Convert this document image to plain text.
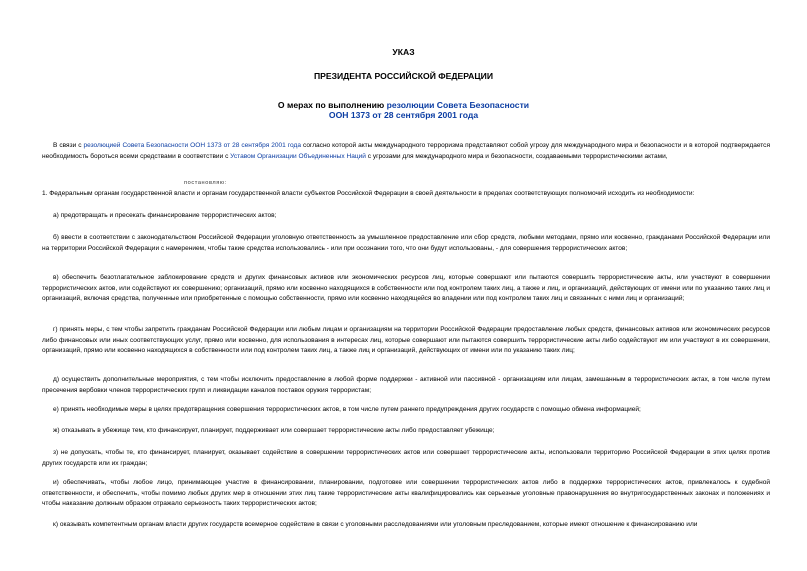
УКАЗ
ПРЕЗИДЕНТА РОССИЙСКОЙ ФЕДЕРАЦИИ
О мерах по выполнению резолюции Совета Безопасности
ООН 1373 от 28 сентября 2001 года
В связи с резолюцией Совета Безопасности ООН 1373 от 28 сентября 2001 года согласно которой акты международного терроризма представляют собой угрозу для международного мира и безопасности и в которой подтверждается необходимость бороться всеми средствами в соответствии с Уставом Организации Объединенных Наций с угрозами для международного мира и безопасности, создаваемыми террористическими актами,
постановляю:
1. Федеральным органам государственной власти и органам государственной власти субъектов Российской Федерации в своей деятельности в пределах соответствующих полномочий исходить из необходимости:
а) предотвращать и пресекать финансирование террористических актов;
б) ввести в соответствии с законодательством Российской Федерации уголовную ответственность за умышленное предоставление или сбор средств, любыми методами, прямо или косвенно, гражданами Российской Федерации или на территории Российской Федерации с намерением, чтобы такие средства использовались - или при осознании того, что они будут использованы, - для совершения террористических актов;
в) обеспечить безотлагательное заблокирование средств и других финансовых активов или экономических ресурсов лиц, которые совершают или пытаются совершить террористические акты, или участвуют в совершении террористических актов, или содействуют их совершению; организаций, прямо или косвенно находящихся в собственности или под контролем таких лиц, а также и лиц, и организаций, действующих от имени или по указанию таких лиц и организаций, включая средства, полученные или приобретенные с помощью собственности, прямо или косвенно находящейся во владении или под контролем таких лиц и связанных с ними лиц и организаций;
г) принять меры, с тем чтобы запретить гражданам Российской Федерации или любым лицам и организациям на территории Российской Федерации предоставление любых средств, финансовых активов или экономических ресурсов либо финансовых или иных соответствующих услуг, прямо или косвенно, для использования в интересах лиц, которые совершают или пытаются совершить террористические акты либо содействуют им или участвуют в их совершении, организаций, прямо или косвенно находящихся в собственности или под контролем таких лиц, а также лиц и организаций, действующих от имени или по указанию таких лиц;
д) осуществить дополнительные мероприятия, с тем чтобы исключить предоставление в любой форме поддержки - активной или пассивной - организациям или лицам, замешанным в террористических актах, в том числе путем пресечения вербовки членов террористических групп и ликвидации каналов поставок оружия террористам;
е) принять необходимые меры в целях предотвращения совершения террористических актов, в том числе путем раннего предупреждения других государств с помощью обмена информацией;
ж) отказывать в убежище тем, кто финансирует, планирует, поддерживает или совершает террористические акты либо предоставляет убежище;
з) не допускать, чтобы те, кто финансирует, планирует, оказывает содействие в совершении террористических актов или совершает террористические акты, использовали территорию Российской Федерации в этих целях против других государств или их граждан;
и) обеспечивать, чтобы любое лицо, принимающее участие в финансировании, планировании, подготовке или совершении террористических актов либо в поддержке террористических актов, привлекалось к судебной ответственности, и обеспечить, чтобы помимо любых других мер в отношении этих лиц такие террористические акты квалифицировались как серьезные уголовные правонарушения во внутригосударственных законах и положениях и чтобы наказание должным образом отражало серьезность таких террористических актов;
к) оказывать компетентным органам власти других государств всемерное содействие в связи с уголовными расследованиями или уголовным преследованием, которые имеют отношение к финансированию или
